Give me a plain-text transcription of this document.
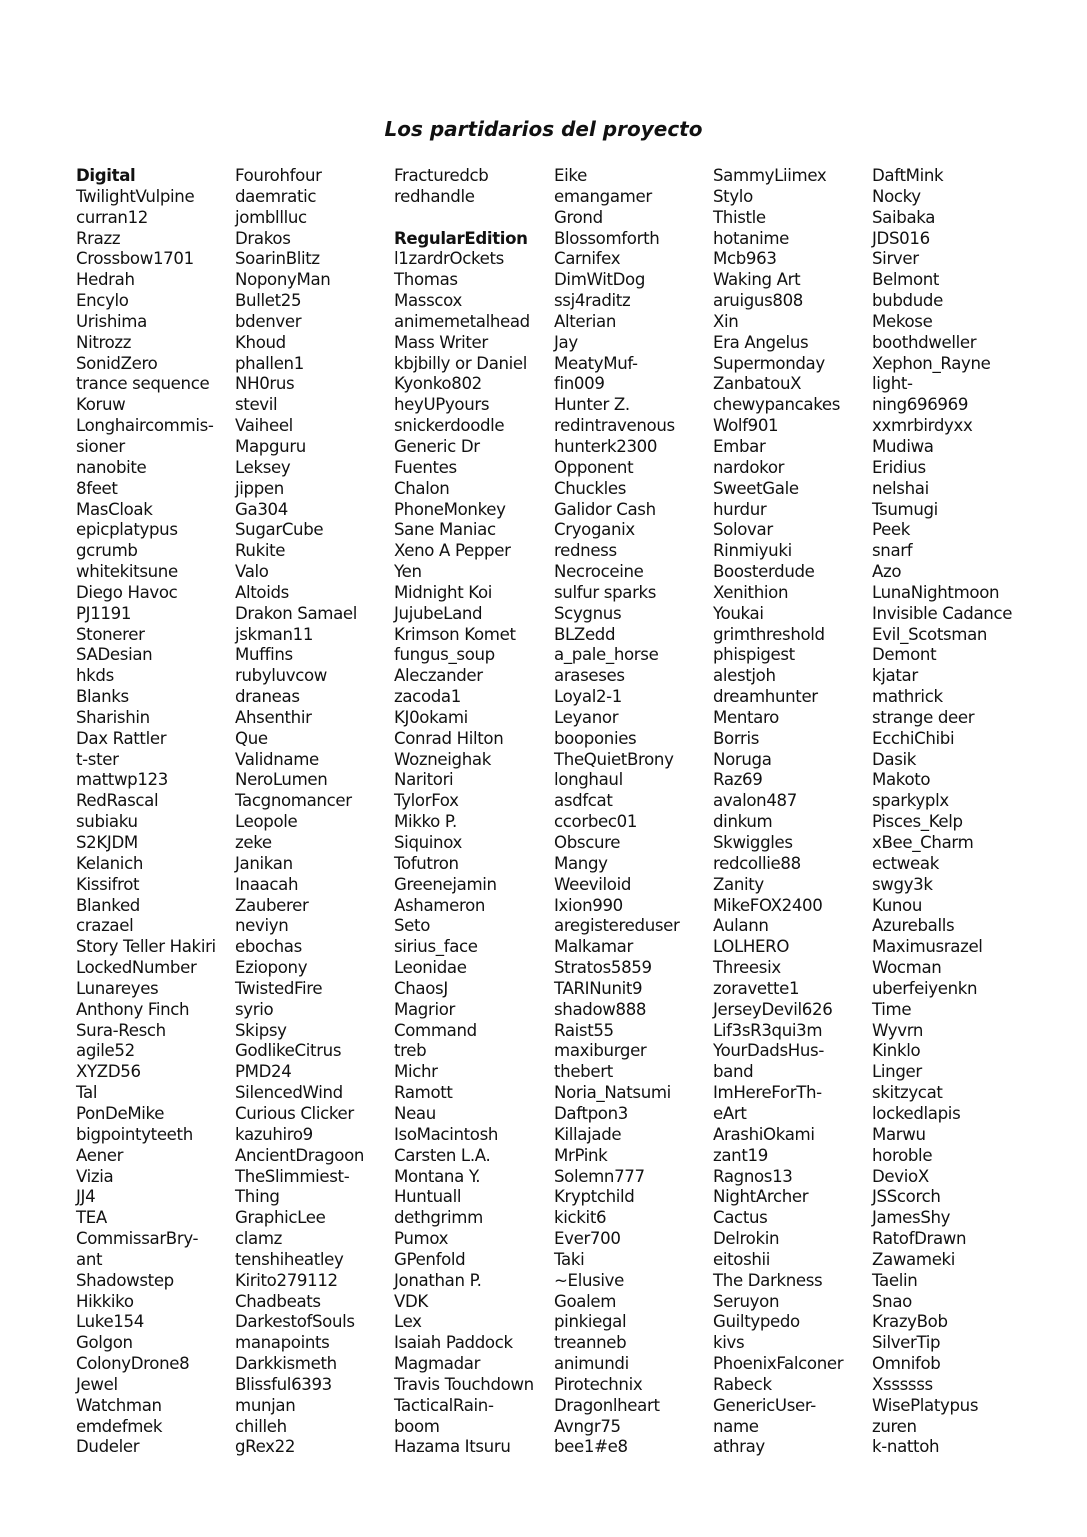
Los partidarios del proyecto
Digital
TwilightVulpine
curran12
Rrazz
Crossbow1701
Hedrah
Encylo
Urishima
Nitrozz
SonidZero
trance sequence
Koruw
Longhaircommis-
sioner
nanobite
8feet
MasCloak
epicplatypus
gcrumb
whitekitsune
Diego Havoc
PJ1191
Stonerer
SADesian
hkds
Blanks
Sharishin
Dax Rattler
t-ster
mattwp123
RedRascal
subiaku
S2KJDM
Kelanich
Kissifrot
Blanked
crazael
Story Teller Hakiri
LockedNumber
Lunareyes
Anthony Finch
Sura-Resch
agile52
XYZD56
Tal
PonDeMike
bigpointyteeth
Aener
Vizia
JJ4
TEA
CommissarBry-
ant
Shadowstep
Hikkiko
Luke154
Golgon
ColonyDrone8
Jewel
Watchman
emdefmek
Dudeler
Fourohfour
daemratic
jombllluc
Drakos
SoarinBlitz
NoponyMan
Bullet25
bdenver
Khoud
phallen1
NH0rus
stevil
Vaiheel
Mapguru
Leksey
jippen
Ga304
SugarCube
Rukite
Valo
Altoids
Drakon Samael
jskman11
Muffins
rubyluvcow
draneas
Ahsenthir
Que
Validname
NeroLumen
Tacgnomancer
Leopole
zeke
Janikan
Inaacah
Zauberer
neviyn
ebochas
Eziopony
TwistedFire
syrio
Skipsy
GodlikeCitrus
PMD24
SilencedWind
Curious Clicker
kazuhiro9
AncientDragoon
TheSlimmiest-
Thing
GraphicLee
clamz
tenshiheatley
Kirito279112
Chadbeats
DarkestofSouls
manapoints
Darkkismeth
Blissful6393
munjan
chilleh
gRex22
Fracturedcb
redhandle
RegularEdition
l1zardrOckets
Thomas
Masscox
animemetalhead
Mass Writer
kbjbilly or Daniel
Kyonko802
heyUPyours
snickerdoodle
Generic Dr
Fuentes
Chalon
PhoneMonkey
Sane Maniac
Xeno A Pepper
Yen
Midnight Koi
JujubeLand
Krimson Komet
fungus_soup
Aleczander
zacoda1
KJ0okami
Conrad Hilton
Wozneighak
Naritori
TylorFox
Mikko P.
Siquinox
Tofutron
Greenejamin
Ashameron
Seto
sirius_face
Leonidae
ChaosJ
Magrior
Command
treb
Michr
Ramott
Neau
IsoMacintosh
Carsten L.A.
Montana Y.
Huntuall
dethgrimm
Pumox
GPenfold
Jonathan P.
VDK
Lex
Isaiah Paddock
Magmadar
Travis Touchdown
TacticalRain-
boom
Hazama Itsuru
Eike
emangamer
Grond
Blossomforth
Carnifex
DimWitDog
ssj4raditz
Alterian
Jay
MeatyMuf-
fin009
Hunter Z.
redintravenous
hunterk2300
Opponent
Chuckles
Galidor Cash
Cryoganix
redness
Necroceine
sulfur sparks
Scygnus
BLZedd
a_pale_horse
araseses
Loyal2-1
Leyanor
booponies
TheQuietBrony
longhaul
asdfcat
ccorbec01
Obscure
Mangy
Weeviloid
Ixion990
aregistereduser
Malkamar
Stratos5859
TARINunit9
shadow888
Raist55
maxiburger
thebert
Noria_Natsumi
Daftpon3
Killajade
MrPink
Solemn777
Kryptchild
kickit6
Ever700
Taki
~Elusive
Goalem
pinkiegal
treanneb
animundi
Pirotechnix
Dragonlheart
Avngr75
bee1#e8
SammyLiimex
Stylo
Thistle
hotanime
Mcb963
Waking Art
aruigus808
Xin
Era Angelus
Supermonday
ZanbatouX
chewypancakes
Wolf901
Embar
nardokor
SweetGale
hurdur
Solovar
Rinmiyuki
Boosterdude
Xenithion
Youkai
grimthreshold
phispigest
alestjoh
dreamhunter
Mentaro
Borris
Noruga
Raz69
avalon487
dinkum
Skwiggles
redcollie88
Zanity
MikeFOX2400
Aulann
LOLHERO
Threesix
zoravette1
JerseyDevil626
Lif3sR3qui3m
YourDadsHus-
band
ImHereForTh-
eArt
ArashiOkami
zant19
Ragnos13
NightArcher
Cactus
Delrokin
eitoshii
The Darkness
Seruyon
Guiltypedo
kivs
PhoenixFalconer
Rabeck
GenericUser-
name
athray
DaftMink
Nocky
Saibaka
JDS016
Sirver
Belmont
bubdude
Mekose
boothdweller
Xephon_Rayne
light-
ning696969
xxmrbirdyxx
Mudiwa
Eridius
nelshai
Tsumugi
Peek
snarf
Azo
LunaNightmoon
Invisible Cadance
Evil_Scotsman
Demont
kjatar
mathrick
strange deer
EcchiChibi
Dasik
Makoto
sparkyplx
Pisces_Kelp
xBee_Charm
ectweak
swgy3k
Kunou
Azureballs
Maximusrazel
Wocman
uberfeiyenkn
Time
Wyvrn
Kinklo
Linger
skitzycat
lockedlapis
Marwu
horoble
DevioX
JSScorch
JamesShy
RatofDrawn
Zawameki
Taelin
Snao
KrazyBob
SilverTip
Omnifob
Xssssss
WisePlatypus
zuren
k-nattoh
